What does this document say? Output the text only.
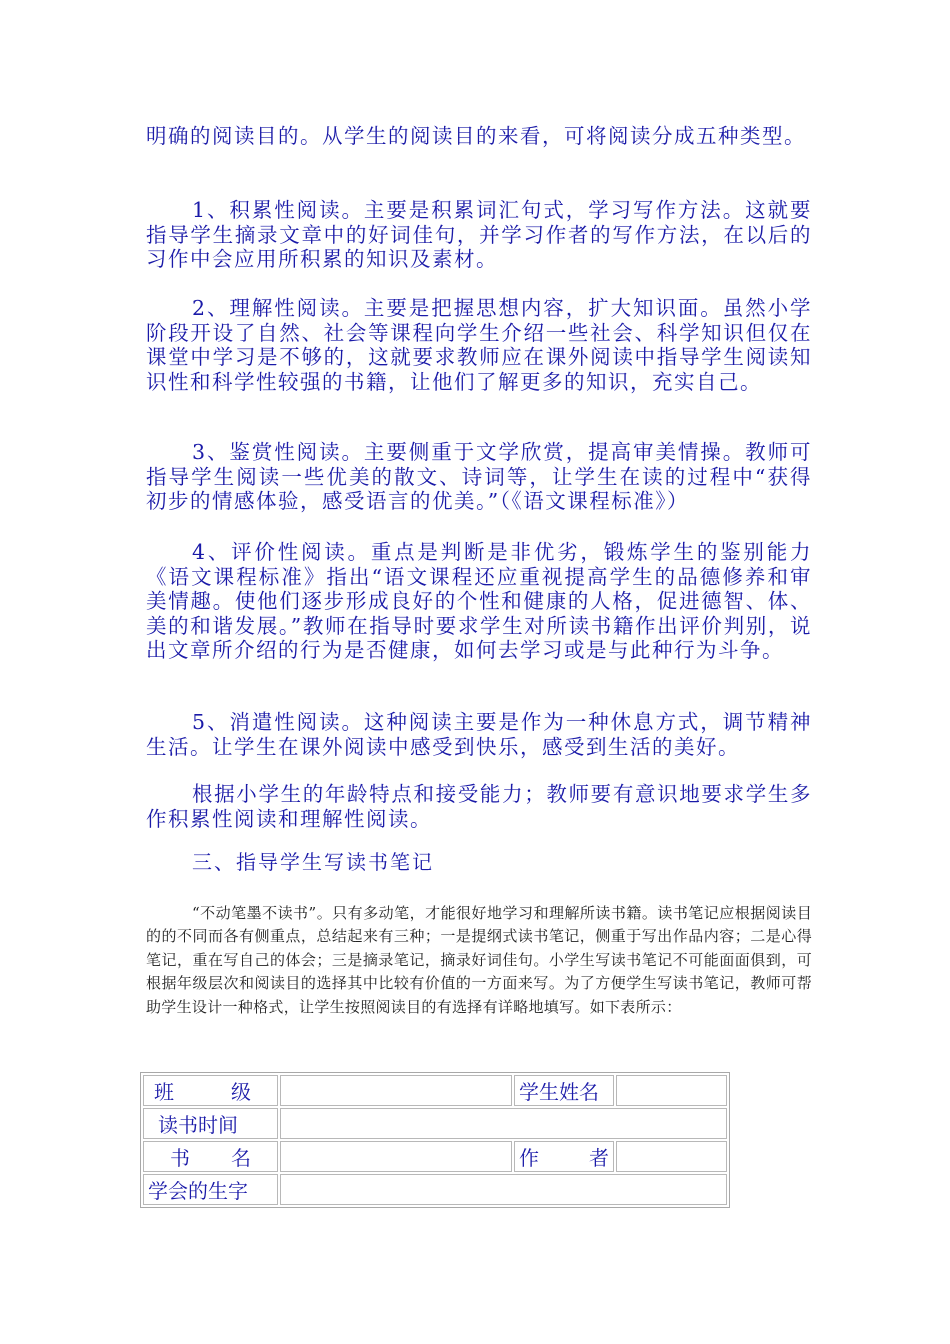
明确的阅读目的。从学生的阅读目的来看，可将阅读分成五种类型。

1、积累性阅读。主要是积累词汇句式，学习写作方法。这就要指导学生摘录文章中的好词佳句，并学习作者的写作方法，在以后的习作中会应用所积累的知识及素材。

2、理解性阅读。主要是把握思想内容，扩大知识面。虽然小学阶段开设了自然、社会等课程向学生介绍一些社会、科学知识但仅在课堂中学习是不够的，这就要求教师应在课外阅读中指导学生阅读知识性和科学性较强的书籍，让他们了解更多的知识，充实自己。

3、鉴赏性阅读。主要侧重于文学欣赏，提高审美情操。教师可指导学生阅读一些优美的散文、诗词等，让学生在读的过程中“获得初步的情感体验，感受语言的优美。”（《语文课程标准》）

4、评价性阅读。重点是判断是非优劣，锻炼学生的鉴别能力《语文课程标准》指出“语文课程还应重视提高学生的品德修养和审美情趣。使他们逐步形成良好的个性和健康的人格，促进德智、体、美的和谐发展。”教师在指导时要求学生对所读书籍作出评价判别，说出文章所介绍的行为是否健康，如何去学习或是与此种行为斗争。

5、消遣性阅读。这种阅读主要是作为一种休息方式，调节精神生活。让学生在课外阅读中感受到快乐，感受到生活的美好。

根据小学生的年龄特点和接受能力；教师要有意识地要求学生多作积累性阅读和理解性阅读。

三、指导学生写读书笔记

“不动笔墨不读书”。只有多动笔，才能很好地学习和理解所读书籍。读书笔记应根据阅读目的的不同而各有侧重点，总结起来有三种；一是提纲式读书笔记，侧重于写出作品内容；二是心得笔记，重在写自己的体会；三是摘录笔记，摘录好词佳句。小学生写读书笔记不可能面面俱到，可根据年级层次和阅读目的选择其中比较有价值的一方面来写。为了方便学生写读书笔记，教师可帮助学生设计一种格式，让学生按照阅读目的有选择有详略地填写。如下表所示：

班 级		学生姓名	
读书时间			

书 名		作 者	

学会的生字			
